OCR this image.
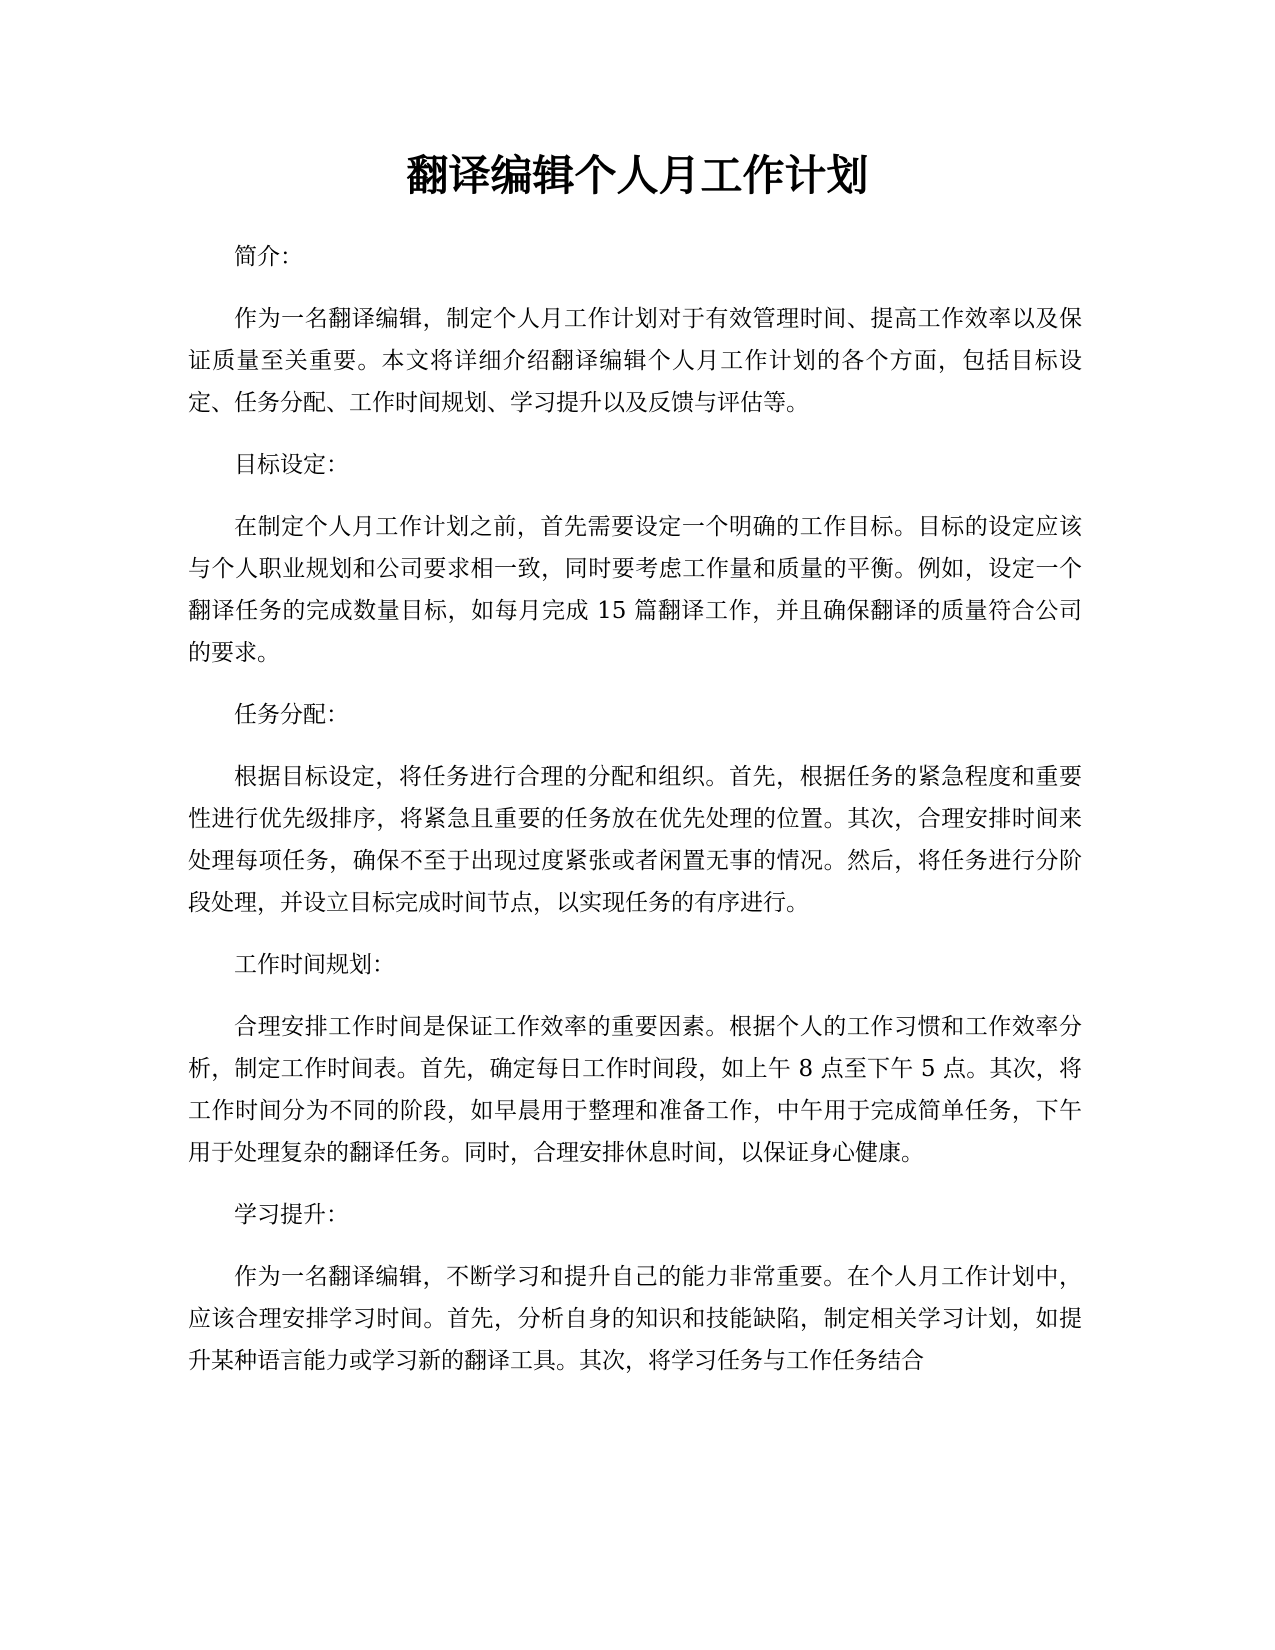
翻译编辑个人月工作计划

简介：

作为一名翻译编辑，制定个人月工作计划对于有效管理时间、提高工作效率以及保证质量至关重要。本文将详细介绍翻译编辑个人月工作计划的各个方面，包括目标设定、任务分配、工作时间规划、学习提升以及反馈与评估等。

目标设定：

在制定个人月工作计划之前，首先需要设定一个明确的工作目标。目标的设定应该与个人职业规划和公司要求相一致，同时要考虑工作量和质量的平衡。例如，设定一个翻译任务的完成数量目标，如每月完成 15 篇翻译工作，并且确保翻译的质量符合公司的要求。

任务分配：

根据目标设定，将任务进行合理的分配和组织。首先，根据任务的紧急程度和重要性进行优先级排序，将紧急且重要的任务放在优先处理的位置。其次，合理安排时间来处理每项任务，确保不至于出现过度紧张或者闲置无事的情况。然后，将任务进行分阶段处理，并设立目标完成时间节点，以实现任务的有序进行。

工作时间规划：

合理安排工作时间是保证工作效率的重要因素。根据个人的工作习惯和工作效率分析，制定工作时间表。首先，确定每日工作时间段，如上午 8 点至下午 5 点。其次，将工作时间分为不同的阶段，如早晨用于整理和准备工作，中午用于完成简单任务，下午用于处理复杂的翻译任务。同时，合理安排休息时间，以保证身心健康。

学习提升：

作为一名翻译编辑，不断学习和提升自己的能力非常重要。在个人月工作计划中，应该合理安排学习时间。首先，分析自身的知识和技能缺陷，制定相关学习计划，如提升某种语言能力或学习新的翻译工具。其次，将学习任务与工作任务结合
